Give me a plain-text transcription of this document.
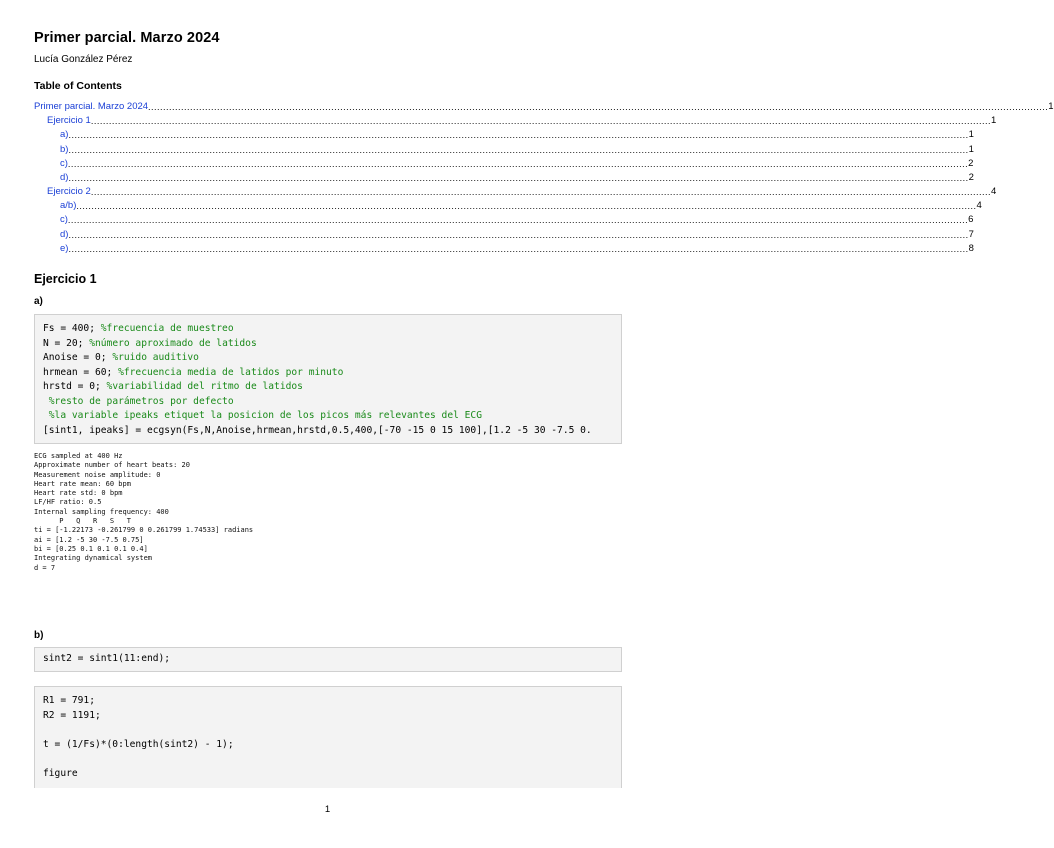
Primer parcial. Marzo 2024
Lucía González Pérez
Table of Contents
Primer parcial. Marzo 2024 ............................................................................................................................................................................................................................................................................................................ 1
Ejercicio 1 ............................................................................................................................................................................................................................................................................................................ 1
a) ............................................................................................................................................................................................................................................................................................................ 1
b) ............................................................................................................................................................................................................................................................................................................ 1
c) ............................................................................................................................................................................................................................................................................................................ 2
d) ............................................................................................................................................................................................................................................................................................................ 2
Ejercicio 2 ............................................................................................................................................................................................................................................................................................................ 4
a/b) ............................................................................................................................................................................................................................................................................................................ 4
c) ............................................................................................................................................................................................................................................................................................................ 6
d) ............................................................................................................................................................................................................................................................................................................ 7
e) ............................................................................................................................................................................................................................................................................................................ 8
Ejercicio 1
a)
Fs = 400; %frecuencia de muestreo
N = 20; %número aproximado de latidos
Anoise = 0; %ruido auditivo
hrmean = 60; %frecuencia media de latidos por minuto
hrstd = 0; %variabilidad del ritmo de latidos
%resto de parámetros por defecto
%la variable ipeaks etiquet la posicion de los picos más relevantes del ECG
[sint1, ipeaks] = ecgsyn(Fs,N,Anoise,hrmean,hrstd,0.5,400,[-70 -15 0 15 100],[1.2 -5 30 -7.5 0.
ECG sampled at 400 Hz
Approximate number of heart beats: 20
Measurement noise amplitude: 0
Heart rate mean: 60 bpm
Heart rate std: 0 bpm
LF/HF ratio: 0.5
Internal sampling frequency: 400
P   Q   R   S   T
ti = [-1.22173 -0.261799 0 0.261799 1.74533] radians
ai = [1.2 -5 30 -7.5 0.75]
bi = [0.25 0.1 0.1 0.1 0.4]
Integrating dynamical system
d = 7
b)
sint2 = sint1(11:end);
R1 = 791;
R2 = 1191;

t = (1/Fs)*(0:length(sint2) - 1);

figure
1
